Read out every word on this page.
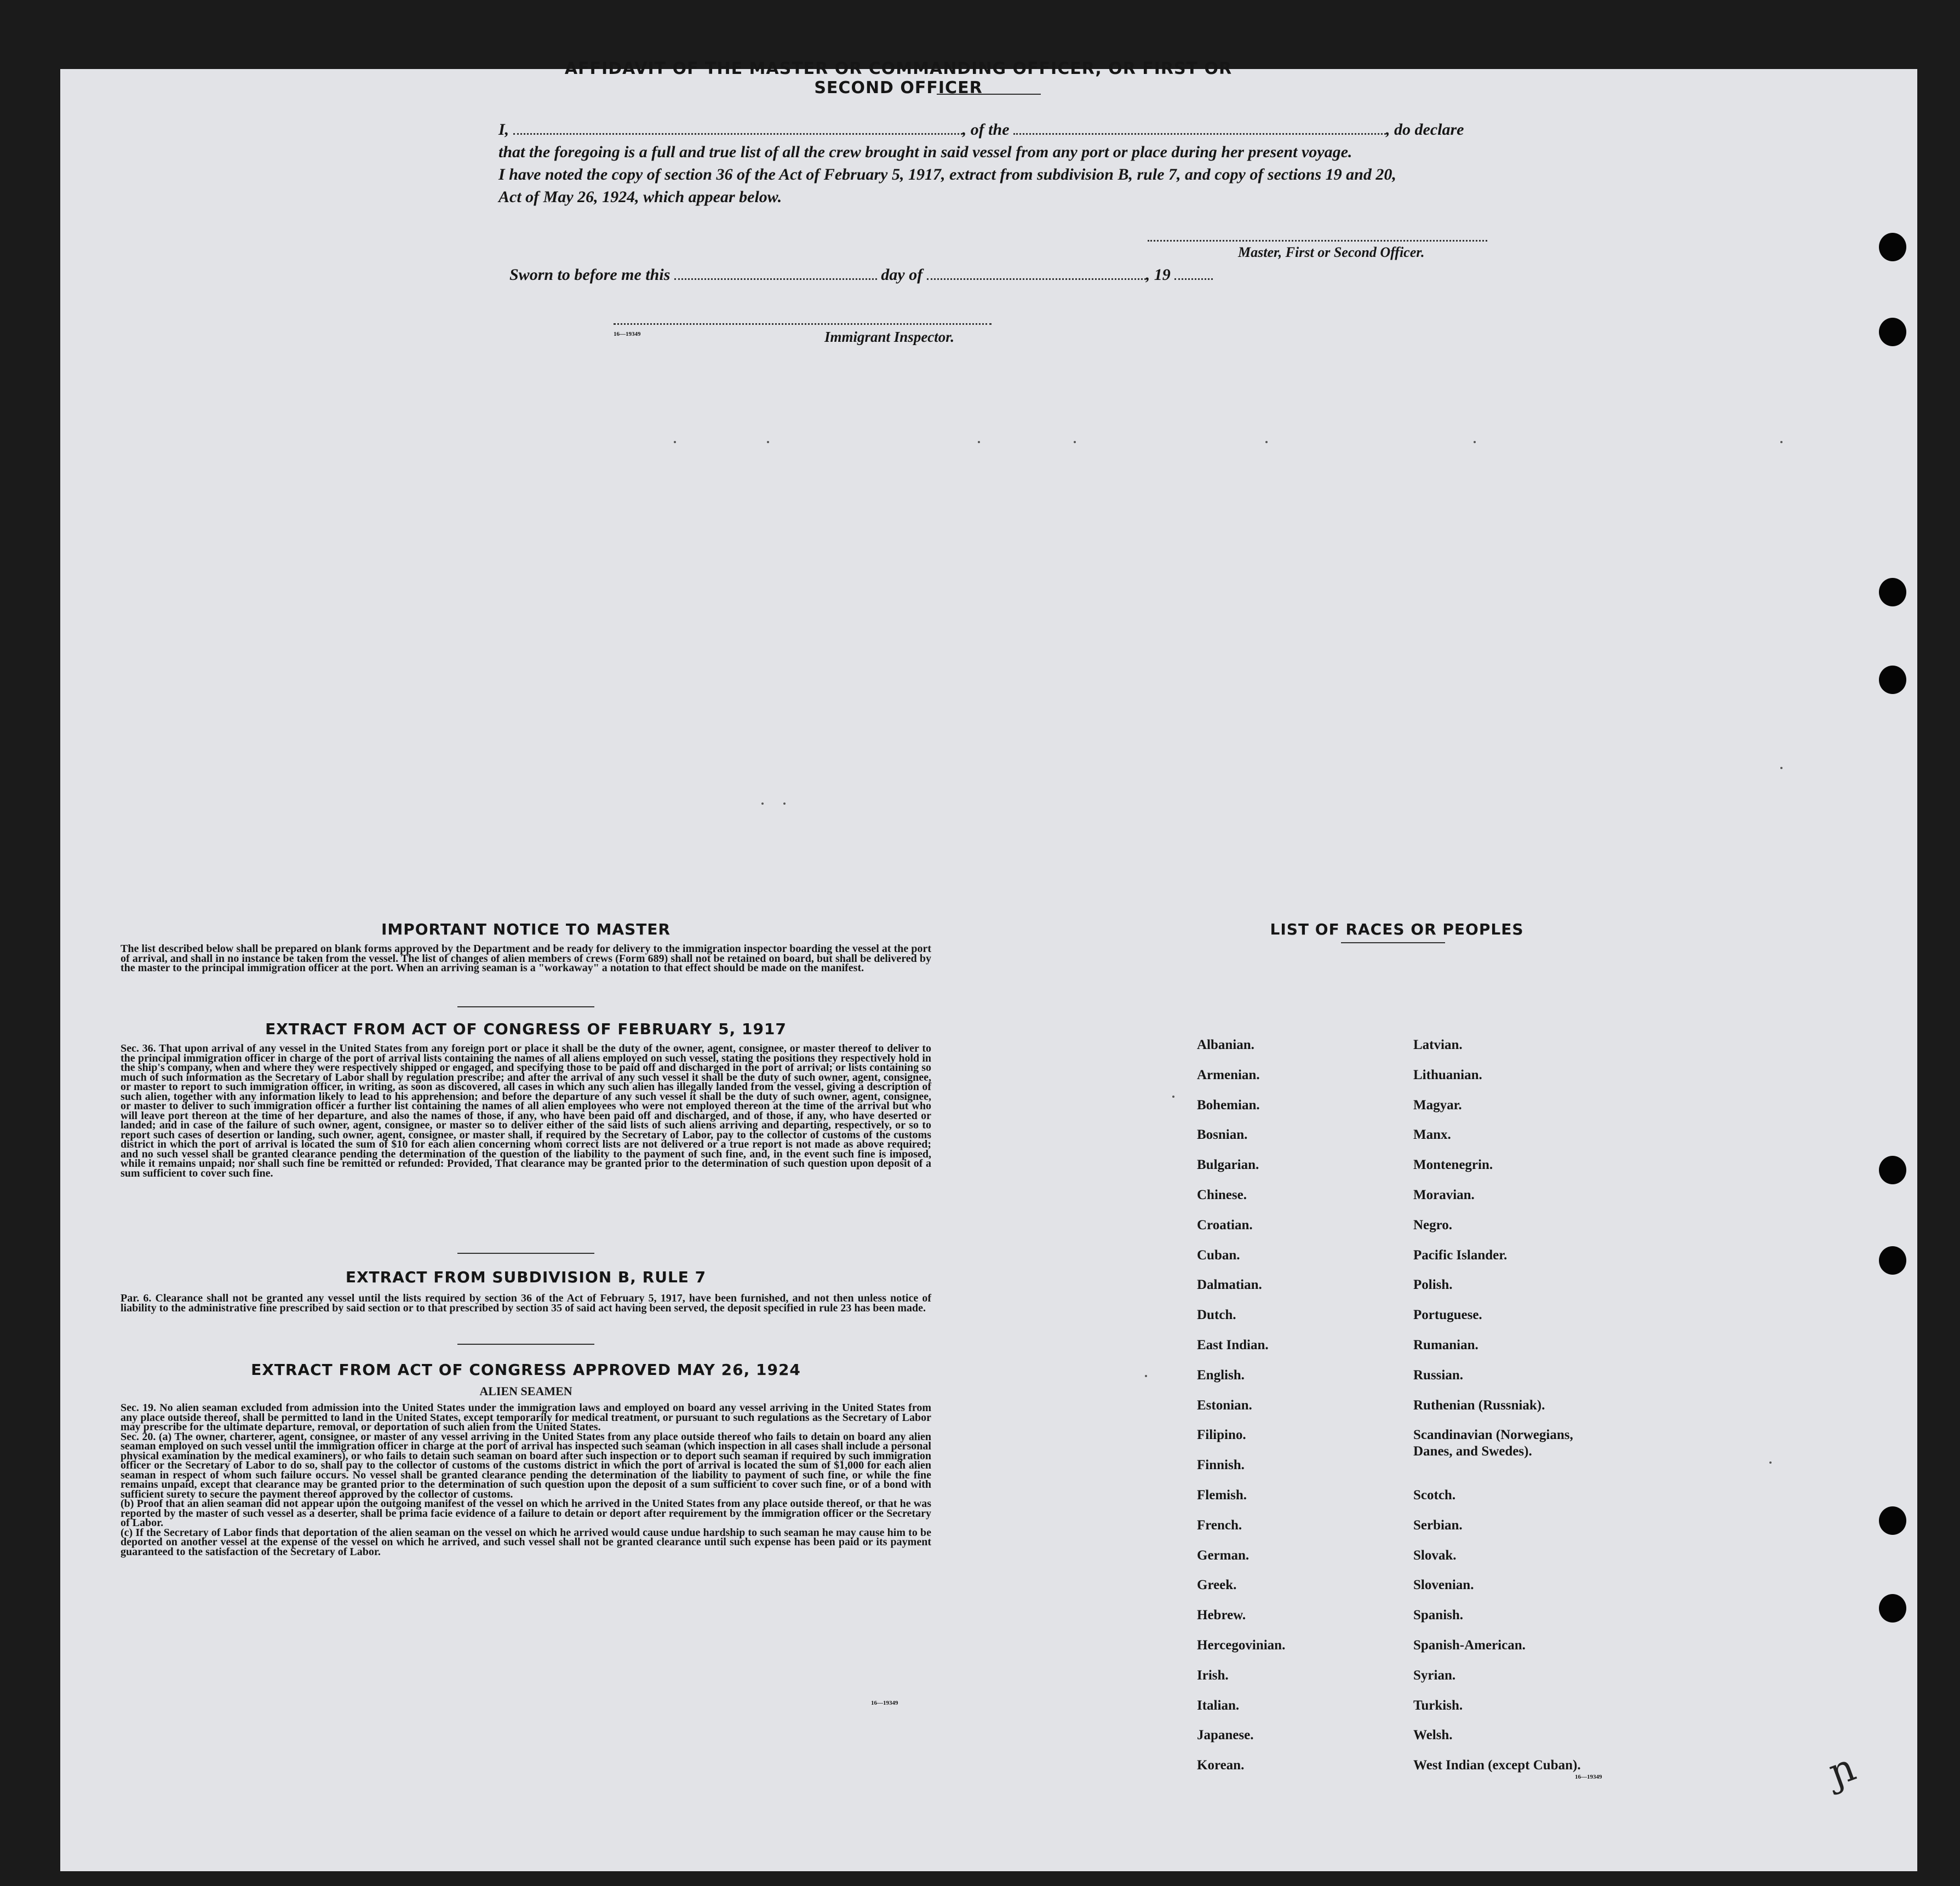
AFFIDAVIT OF THE MASTER OR COMMANDING OFFICER, OR FIRST OR SECOND OFFICER
I,	, of the	, do declare
that the foregoing is a full and true list of all the crew brought in said vessel from any port or place during her present voyage.
I have noted the copy of section 36 of the Act of February 5, 1917, extract from subdivision B, rule 7, and copy of sections 19 and 20,
Act of May 26, 1924, which appear below.
Master, First or Second Officer.
Sworn to before me this	day of	, 19
16—19349	Immigrant Inspector.
IMPORTANT NOTICE TO MASTER
The list described below shall be prepared on blank forms approved by the Department and be ready for delivery to the immigration inspector boarding the vessel at the port of arrival, and shall in no instance be taken from the vessel. The list of changes of alien members of crews (Form 689) shall not be retained on board, but shall be delivered by the master to the principal immigration officer at the port. When an arriving seaman is a "workaway" a notation to that effect should be made on the manifest.
EXTRACT FROM ACT OF CONGRESS OF FEBRUARY 5, 1917
Sec. 36. That upon arrival of any vessel in the United States from any foreign port or place it shall be the duty of the owner, agent, consignee, or master thereof to deliver to the principal immigration officer in charge of the port of arrival lists containing the names of all aliens employed on such vessel, stating the positions they respectively hold in the ship's company, when and where they were respectively shipped or engaged, and specifying those to be paid off and discharged in the port of arrival; or lists containing so much of such information as the Secretary of Labor shall by regulation prescribe; and after the arrival of any such vessel it shall be the duty of such owner, agent, consignee, or master to report to such immigration officer, in writing, as soon as discovered, all cases in which any such alien has illegally landed from the vessel, giving a description of such alien, together with any information likely to lead to his apprehension; and before the departure of any such vessel it shall be the duty of such owner, agent, consignee, or master to deliver to such immigration officer a further list containing the names of all alien employees who were not employed thereon at the time of the arrival but who will leave port thereon at the time of her departure, and also the names of those, if any, who have been paid off and discharged, and of those, if any, who have deserted or landed; and in case of the failure of such owner, agent, consignee, or master so to deliver either of the said lists of such aliens arriving and departing, respectively, or so to report such cases of desertion or landing, such owner, agent, consignee, or master shall, if required by the Secretary of Labor, pay to the collector of customs of the customs district in which the port of arrival is located the sum of $10 for each alien concerning whom correct lists are not delivered or a true report is not made as above required; and no such vessel shall be granted clearance pending the determination of the question of the liability to the payment of such fine, and, in the event such fine is imposed, while it remains unpaid; nor shall such fine be remitted or refunded: Provided, That clearance may be granted prior to the determination of such question upon deposit of a sum sufficient to cover such fine.
EXTRACT FROM SUBDIVISION B, RULE 7
Par. 6. Clearance shall not be granted any vessel until the lists required by section 36 of the Act of February 5, 1917, have been furnished, and not then unless notice of liability to the administrative fine prescribed by said section or to that prescribed by section 35 of said act having been served, the deposit specified in rule 23 has been made.
EXTRACT FROM ACT OF CONGRESS APPROVED MAY 26, 1924
ALIEN SEAMEN
Sec. 19. No alien seaman excluded from admission into the United States under the immigration laws and employed on board any vessel arriving in the United States from any place outside thereof, shall be permitted to land in the United States, except temporarily for medical treatment, or pursuant to such regulations as the Secretary of Labor may prescribe for the ultimate departure, removal, or deportation of such alien from the United States.
Sec. 20. (a) The owner, charterer, agent, consignee, or master of any vessel arriving in the United States from any place outside thereof who fails to detain on board any alien seaman employed on such vessel until the immigration officer in charge at the port of arrival has inspected such seaman (which inspection in all cases shall include a personal physical examination by the medical examiners), or who fails to detain such seaman on board after such inspection or to deport such seaman if required by such immigration officer or the Secretary of Labor to do so, shall pay to the collector of customs of the customs district in which the port of arrival is located the sum of $1,000 for each alien seaman in respect of whom such failure occurs. No vessel shall be granted clearance pending the determination of the liability to payment of such fine, or while the fine remains unpaid, except that clearance may be granted prior to the determination of such question upon the deposit of a sum sufficient to cover such fine, or of a bond with sufficient surety to secure the payment thereof approved by the collector of customs.
(b) Proof that an alien seaman did not appear upon the outgoing manifest of the vessel on which he arrived in the United States from any place outside thereof, or that he was reported by the master of such vessel as a deserter, shall be prima facie evidence of a failure to detain or deport after requirement by the immigration officer or the Secretary of Labor.
(c) If the Secretary of Labor finds that deportation of the alien seaman on the vessel on which he arrived would cause undue hardship to such seaman he may cause him to be deported on another vessel at the expense of the vessel on which he arrived, and such vessel shall not be granted clearance until such expense has been paid or its payment guaranteed to the satisfaction of the Secretary of Labor.
16—19349
LIST OF RACES OR PEOPLES
Albanian.
Armenian.
Bohemian.
Bosnian.
Bulgarian.
Chinese.
Croatian.
Cuban.
Dalmatian.
Dutch.
East Indian.
English.
Estonian.
Filipino.
Finnish.
Flemish.
French.
German.
Greek.
Hebrew.
Hercegovinian.
Irish.
Italian.
Japanese.
Korean.
Latvian.
Lithuanian.
Magyar.
Manx.
Montenegrin.
Moravian.
Negro.
Pacific Islander.
Polish.
Portuguese.
Rumanian.
Russian.
Ruthenian (Russniak).
Scandinavian (Norwegians,
Danes, and Swedes).
Scotch.
Serbian.
Slovak.
Slovenian.
Spanish.
Spanish-American.
Syrian.
Turkish.
Welsh.
West Indian (except Cuban).
16—19349	ɲ
